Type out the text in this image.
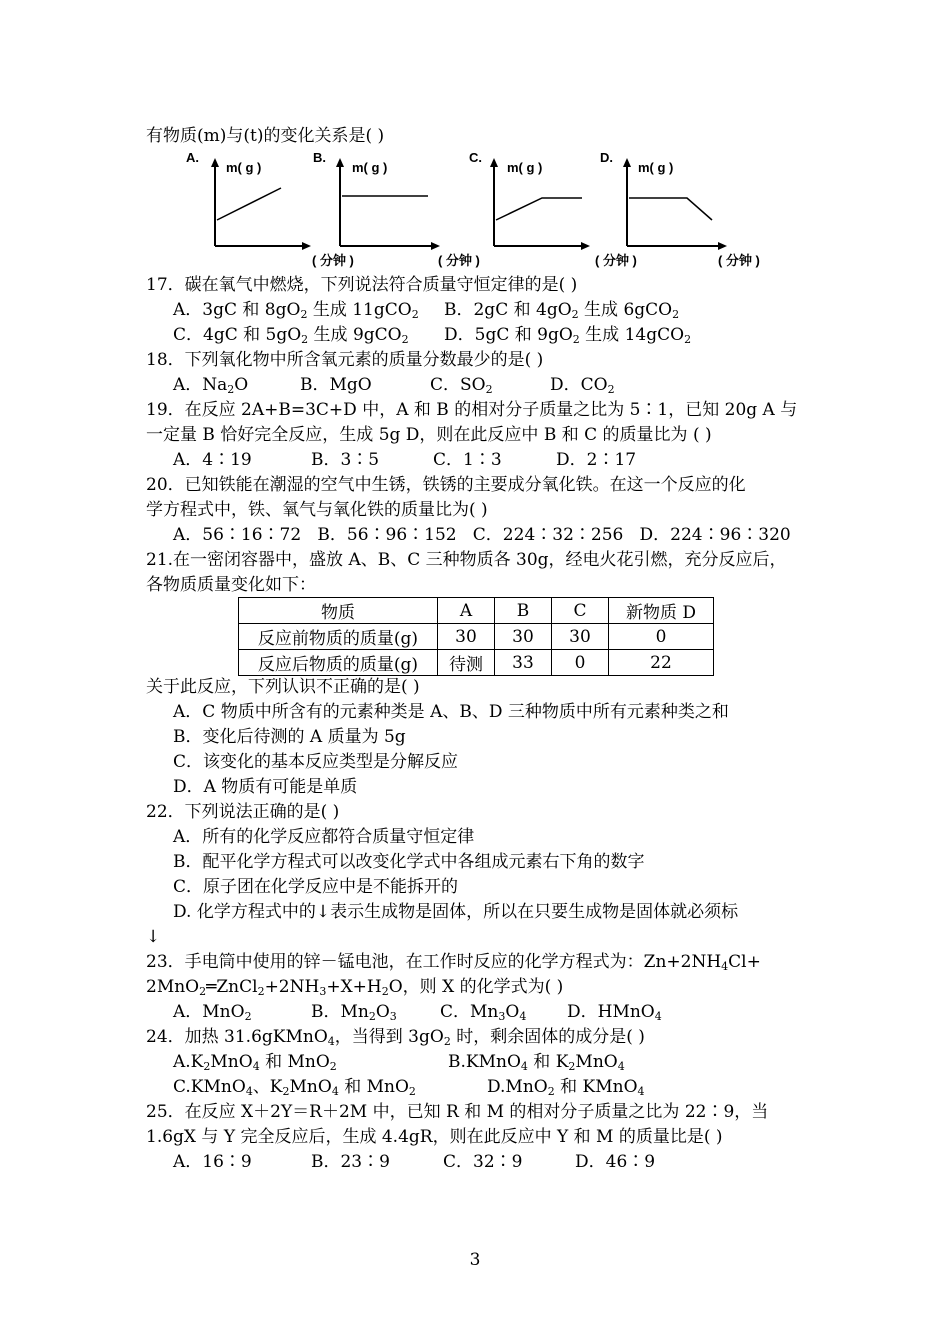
有物质(m)与(t)的变化关系是( )
A.
m( g )
( 分钟 )
B.
m( g )
( 分钟 )
C.
m( g )
( 分钟 )
D.
m( g )
( 分钟 )
17．碳在氧气中燃烧，下列说法符合质量守恒定律的是( )
A．3gC 和 $8gO_2$ 生成 11gCO$_2$ B．2gC 和 $4gO_2$ 生成 6gCO$_2$
C．4gC 和 $5gO_2$ 生成 9gCO$_2$ D．5gC 和 $9gO_2$ 生成 14gCO$_2$
18．下列氧化物中所含氧元素的质量分数最少的是( )
A．$Na_2O$	B．MgO	C．$SO_2$	D．$CO_2$
19．在反应 2A+B=3C+D 中，A 和 B 的相对分子质量之比为 5∶1，已知 20g A 与
一定量 B 恰好完全反应，生成 5g D，则在此反应中 B 和 C 的质量比为 ( )
A．4∶19	B．3∶5	C．1∶3	D．2∶17
20．已知铁能在潮湿的空气中生锈，铁锈的主要成分氧化铁。在这一个反应的化
学方程式中，铁、氧气与氧化铁的质量比为( )
A．56∶16∶72   B．56∶96∶152   C．224∶32∶256   D．224∶96∶320
21.在一密闭容器中，盛放 A、B、C 三种物质各 30g，经电火花引燃，充分反应后，
各物质质量变化如下：
物质	A	B	C	新物质 D
反应前物质的质量(g)	30	30	30	0
反应后物质的质量(g)	待测	33	0	22
关于此反应，下列认识不正确的是( )
A．C 物质中所含有的元素种类是 A、B、D 三种物质中所有元素种类之和
B．变化后待测的 A 质量为 5g
C．该变化的基本反应类型是分解反应
D．A 物质有可能是单质
22．下列说法正确的是( )
A．所有的化学反应都符合质量守恒定律
B．配平化学方程式可以改变化学式中各组成元素右下角的数字
C．原子团在化学反应中是不能拆开的
D. 化学方程式中的↓表示生成物是固体，所以在只要生成物是固体就必须标
↓
23．手电筒中使用的锌－锰电池，在工作时反应的化学方程式为：$Zn+2NH_4Cl+$
$2MnO_2═ZnCl_2+2NH_3+X+H_2O$，则 X 的化学式为( )
A．MnO$_2$	B．$Mn_2O_3$	C．$Mn_3O_4$ D．HMnO$_4$
24．加热 31.6gKMnO$_4$，当得到 $3gO_2$ 时，剩余固体的成分是( )
$A.K_2MnO_4$ 和 MnO$_2$	B.KMnO$_4$ 和 $K_2MnO_4$
C.KMnO$_4$、$K_2MnO_4$ 和 MnO$_2$	D.MnO$_2$ 和 KMnO$_4$
25．在反应 X＋2Y＝R＋2M 中，已知 R 和 M 的相对分子质量之比为 22∶9，当
1.6gX 与 Y 完全反应后，生成 4.4gR，则在此反应中 Y 和 M 的质量比是( )
A．16∶9	B．23∶9	C．32∶9	D．46∶9
3
